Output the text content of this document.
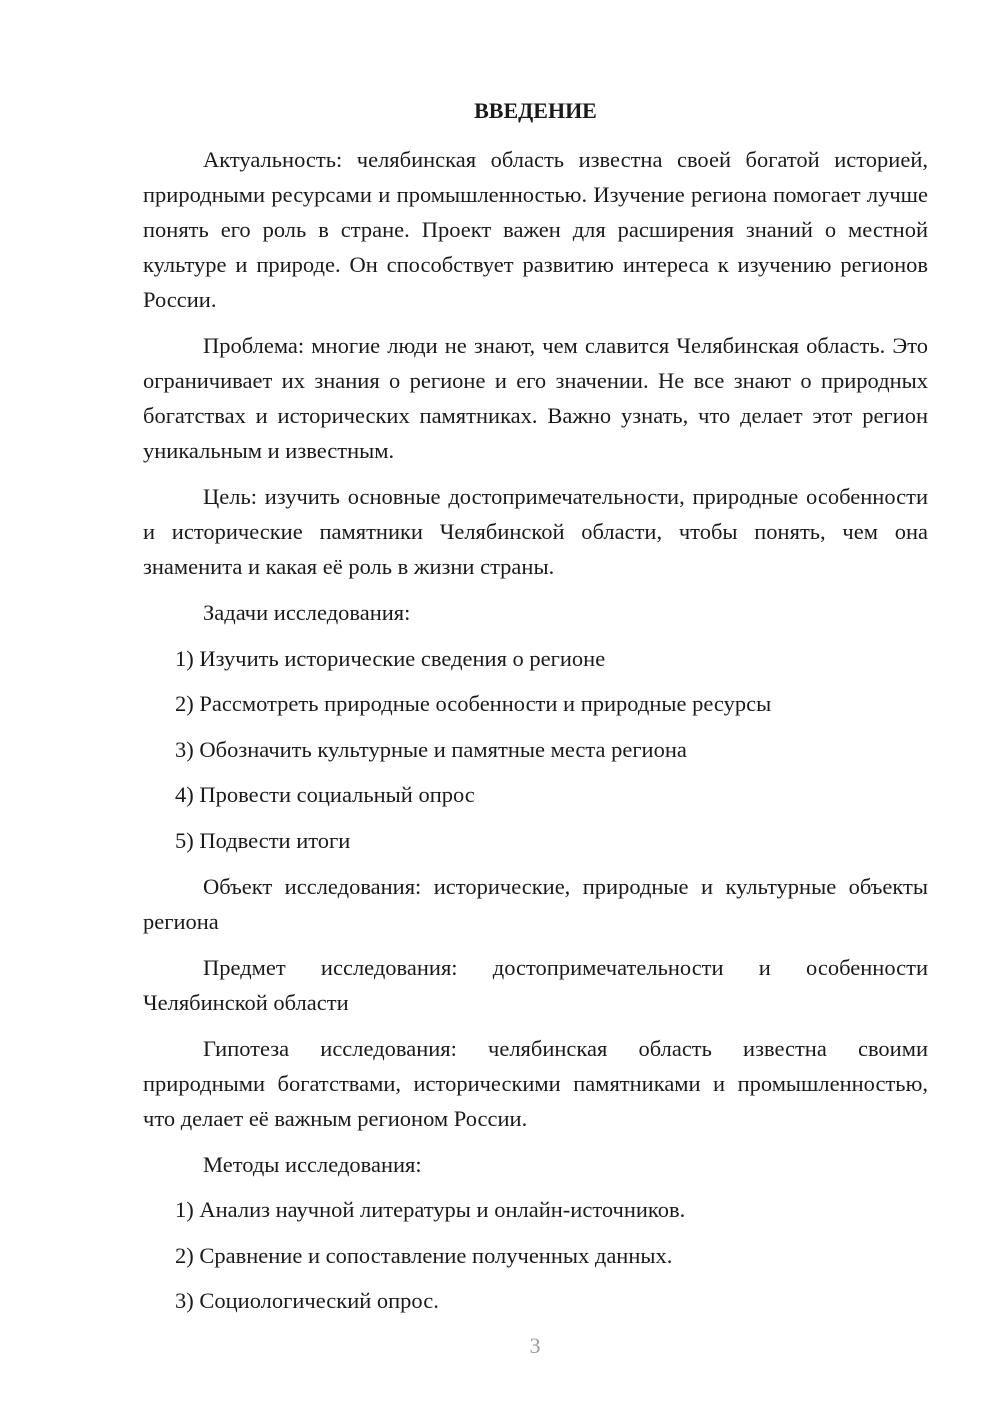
ВВЕДЕНИЕ

Актуальность: челябинская область известна своей богатой историей, природными ресурсами и промышленностью. Изучение региона помогает лучше понять его роль в стране. Проект важен для расширения знаний о местной культуре и природе. Он способствует развитию интереса к изучению регионов России.

Проблема: многие люди не знают, чем славится Челябинская область. Это ограничивает их знания о регионе и его значении. Не все знают о природных богатствах и исторических памятниках. Важно узнать, что делает этот регион уникальным и известным.

Цель: изучить основные достопримечательности, природные особенности и исторические памятники Челябинской области, чтобы понять, чем она знаменита и какая её роль в жизни страны.

Задачи исследования:

1) Изучить исторические сведения о регионе
2) Рассмотреть природные особенности и природные ресурсы
3) Обозначить культурные и памятные места региона
4) Провести социальный опрос
5) Подвести итоги

Объект исследования: исторические, природные и культурные объекты региона

Предмет исследования: достопримечательности и особенности Челябинской области

Гипотеза исследования: челябинская область известна своими природными богатствами, историческими памятниками и промышленностью, что делает её важным регионом России.

Методы исследования:

1) Анализ научной литературы и онлайн-источников.
2) Сравнение и сопоставление полученных данных.
3) Социологический опрос.
3
